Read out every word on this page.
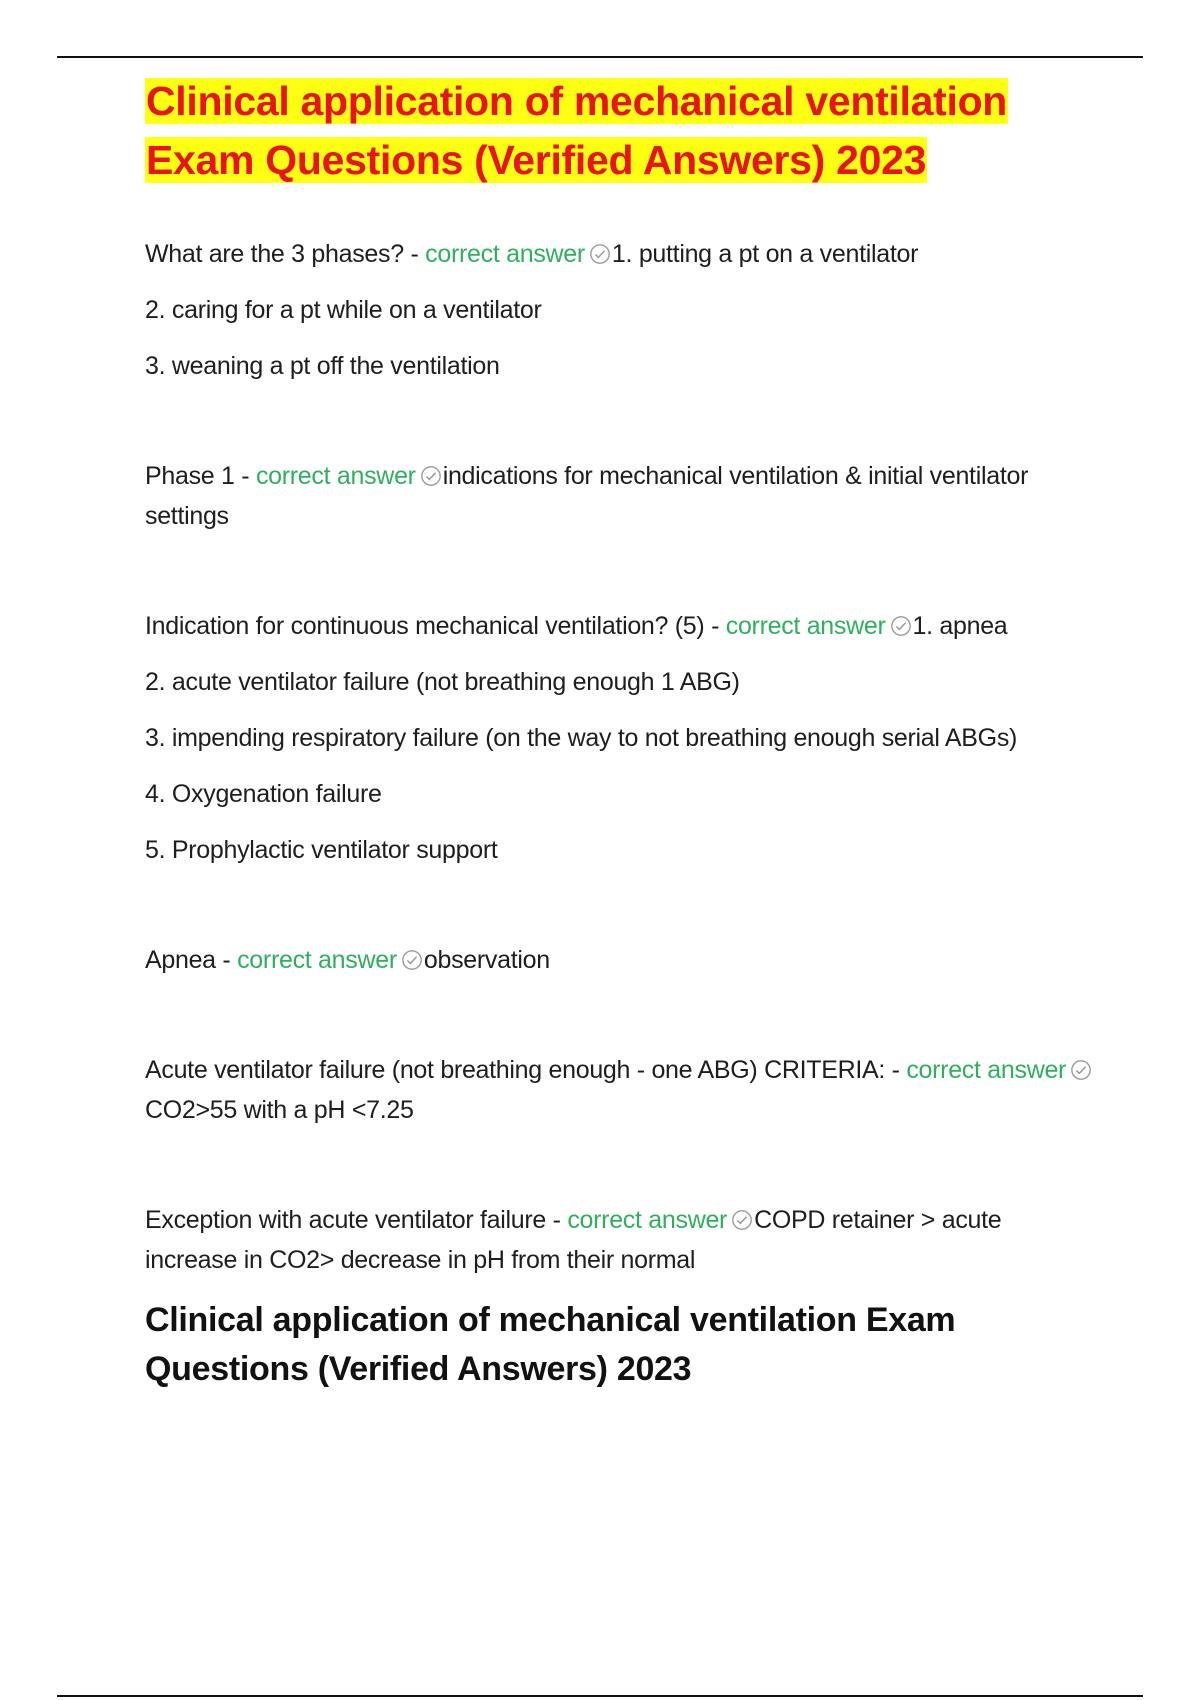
Clinical application of mechanical ventilation Exam Questions (Verified Answers) 2023

What are the 3 phases? - correct answer 1. putting a pt on a ventilator

2. caring for a pt while on a ventilator

3. weaning a pt off the ventilation

Phase 1 - correct answer indications for mechanical ventilation & initial ventilator settings

Indication for continuous mechanical ventilation? (5) - correct answer 1. apnea

2. acute ventilator failure (not breathing enough 1 ABG)

3. impending respiratory failure (on the way to not breathing enough serial ABGs)

4. Oxygenation failure

5. Prophylactic ventilator support

Apnea - correct answer observation

Acute ventilator failure (not breathing enough - one ABG) CRITERIA: - correct answerCO2>55 with a pH <7.25

Exception with acute ventilator failure - correct answer COPD retainer > acute increase in CO2> decrease in pH from their normal

Clinical application of mechanical ventilation Exam Questions (Verified Answers) 2023
